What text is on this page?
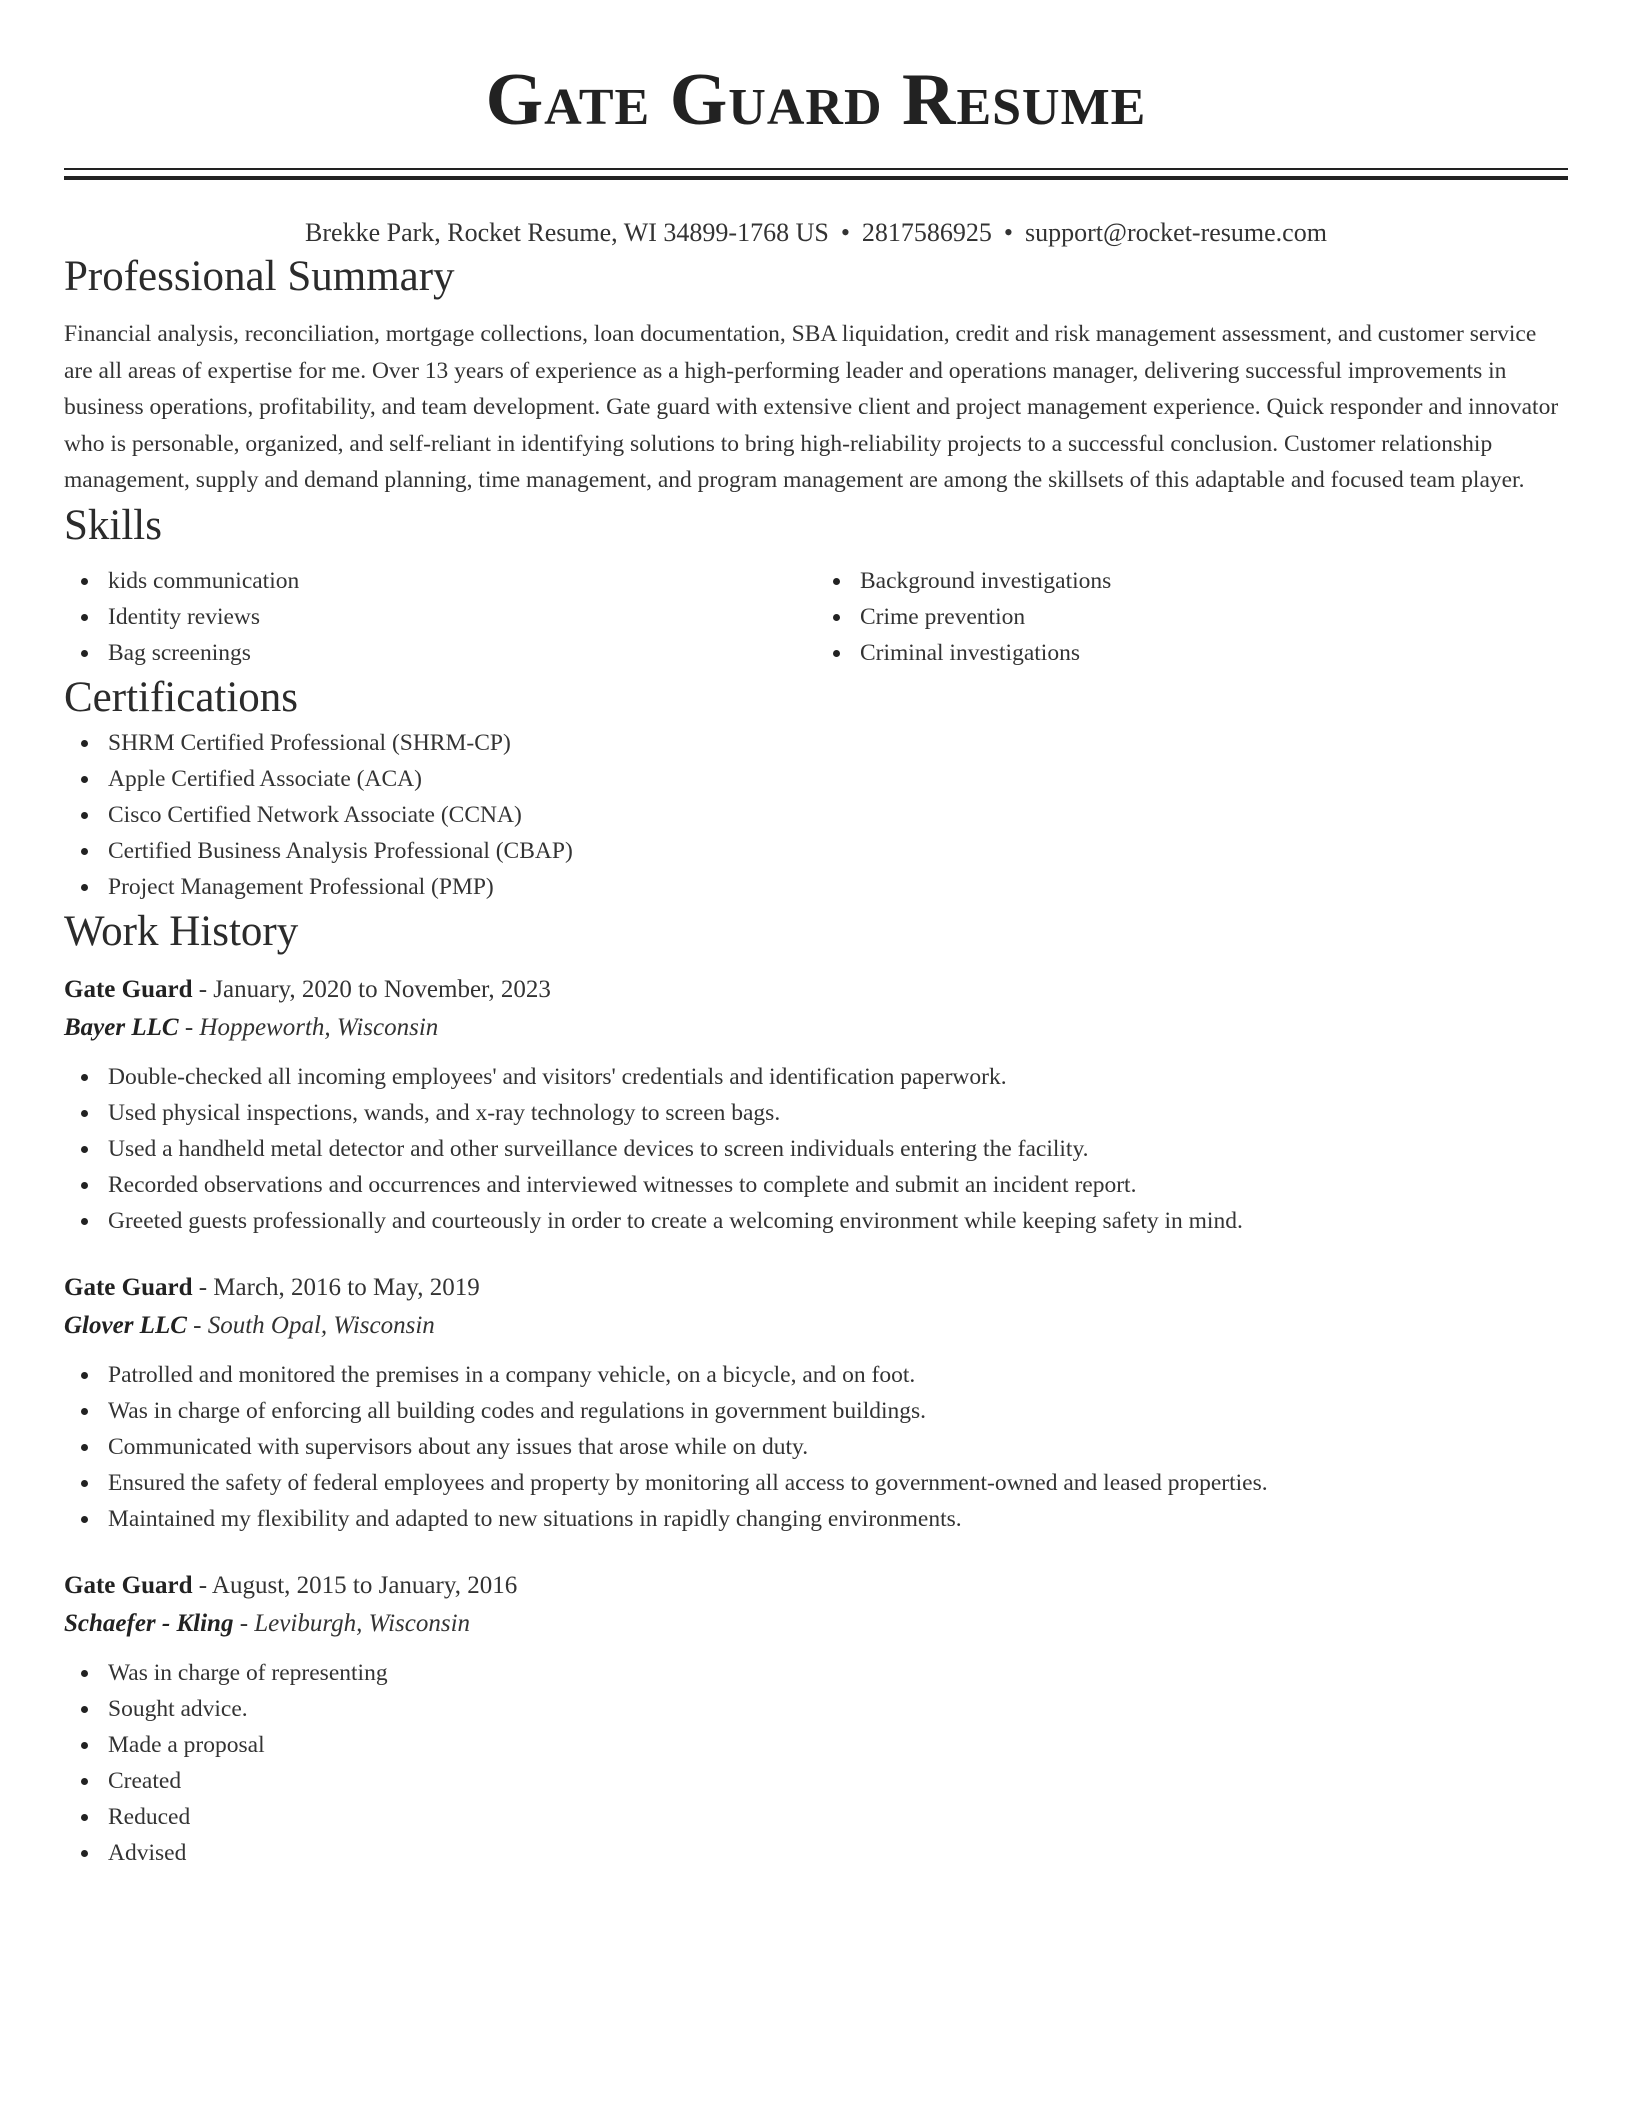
Gate Guard Resume
Brekke Park, Rocket Resume, WI 34899-1768 US • 2817586925 • support@rocket-resume.com
Professional Summary
Financial analysis, reconciliation, mortgage collections, loan documentation, SBA liquidation, credit and risk management assessment, and customer service are all areas of expertise for me. Over 13 years of experience as a high-performing leader and operations manager, delivering successful improvements in business operations, profitability, and team development. Gate guard with extensive client and project management experience. Quick responder and innovator who is personable, organized, and self-reliant in identifying solutions to bring high-reliability projects to a successful conclusion. Customer relationship management, supply and demand planning, time management, and program management are among the skillsets of this adaptable and focused team player.
Skills
kids communication
Identity reviews
Bag screenings
Background investigations
Crime prevention
Criminal investigations
Certifications
SHRM Certified Professional (SHRM-CP)
Apple Certified Associate (ACA)
Cisco Certified Network Associate (CCNA)
Certified Business Analysis Professional (CBAP)
Project Management Professional (PMP)
Work History
Gate Guard - January, 2020 to November, 2023
Bayer LLC - Hoppeworth, Wisconsin
Double-checked all incoming employees' and visitors' credentials and identification paperwork.
Used physical inspections, wands, and x-ray technology to screen bags.
Used a handheld metal detector and other surveillance devices to screen individuals entering the facility.
Recorded observations and occurrences and interviewed witnesses to complete and submit an incident report.
Greeted guests professionally and courteously in order to create a welcoming environment while keeping safety in mind.
Gate Guard - March, 2016 to May, 2019
Glover LLC - South Opal, Wisconsin
Patrolled and monitored the premises in a company vehicle, on a bicycle, and on foot.
Was in charge of enforcing all building codes and regulations in government buildings.
Communicated with supervisors about any issues that arose while on duty.
Ensured the safety of federal employees and property by monitoring all access to government-owned and leased properties.
Maintained my flexibility and adapted to new situations in rapidly changing environments.
Gate Guard - August, 2015 to January, 2016
Schaefer - Kling - Leviburgh, Wisconsin
Was in charge of representing
Sought advice.
Made a proposal
Created
Reduced
Advised
